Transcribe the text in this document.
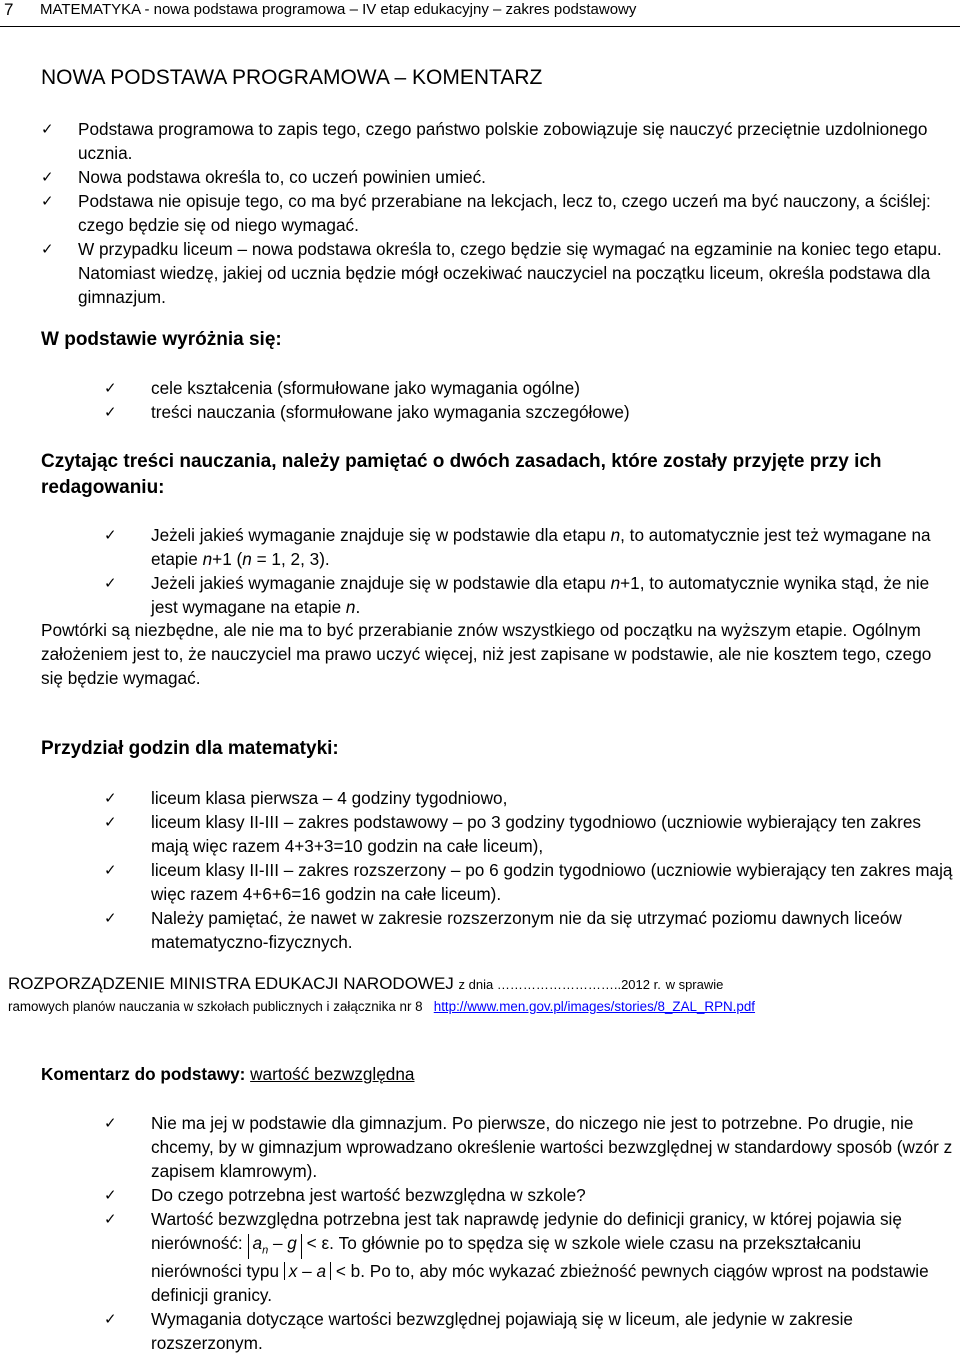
7 MATEMATYKA - nowa podstawa programowa – IV etap edukacyjny – zakres podstawowy
NOWA PODSTAWA PROGRAMOWA – KOMENTARZ
✓ Podstawa programowa to zapis tego, czego państwo polskie zobowiązuje się nauczyć przeciętnie uzdolnionego ucznia.
✓ Nowa podstawa określa to, co uczeń powinien umieć.
✓ Podstawa nie opisuje tego, co ma być przerabiane na lekcjach, lecz to, czego uczeń ma być nauczony, a ściślej: czego będzie się od niego wymagać.
✓ W przypadku liceum – nowa podstawa określa to, czego będzie się wymagać na egzaminie na koniec tego etapu. Natomiast wiedzę, jakiej od ucznia będzie mógł oczekiwać nauczyciel na początku liceum, określa podstawa dla gimnazjum.
W podstawie wyróżnia się:
✓ cele kształcenia (sformułowane jako wymagania ogólne)
✓ treści nauczania (sformułowane jako wymagania szczegółowe)
Czytając treści nauczania, należy pamiętać o dwóch zasadach, które zostały przyjęte przy ich redagowaniu:
✓ Jeżeli jakieś wymaganie znajduje się w podstawie dla etapu n, to automatycznie jest też wymagane na etapie n+1 (n = 1, 2, 3).
✓ Jeżeli jakieś wymaganie znajduje się w podstawie dla etapu n+1, to automatycznie wynika stąd, że nie jest wymagane na etapie n.

Powtórki są niezbędne, ale nie ma to być przerabianie znów wszystkiego od początku na wyższym etapie. Ogólnym założeniem jest to, że nauczyciel ma prawo uczyć więcej, niż jest zapisane w podstawie, ale nie kosztem tego, czego się będzie wymagać.

Przydział godzin dla matematyki:
✓ liceum klasa pierwsza – 4 godziny tygodniowo,
✓ liceum klasy II-III – zakres podstawowy – po 3 godziny tygodniowo (uczniowie wybierający ten zakres mają więc razem 4+3+3=10 godzin na całe liceum),
✓ liceum klasy II-III – zakres rozszerzony – po 6 godzin tygodniowo (uczniowie wybierający ten zakres mają więc razem 4+6+6=16 godzin na całe liceum).
✓ Należy pamiętać, że nawet w zakresie rozszerzonym nie da się utrzymać poziomu dawnych liceów matematyczno-fizycznych.
ROZPORZĄDZENIE MINISTRA EDUKACJI NARODOWEJ z dnia ………………………..2012 r. w sprawie
ramowych planów nauczania w szkołach publicznych i załącznika nr 8 http://www.men.gov.pl/images/stories/8_ZAL_RPN.pdf
Komentarz do podstawy: wartość bezwzględna
✓ Nie ma jej w podstawie dla gimnazjum. Po pierwsze, do niczego nie jest to potrzebne. Po drugie, nie chcemy, by w gimnazjum wprowadzano określenie wartości bezwzględnej w standardowy sposób (wzór z zapisem klamrowym).
✓ Do czego potrzebna jest wartość bezwzględna w szkole?
✓ Wartość bezwzględna potrzebna jest tak naprawdę jedynie do definicji granicy, w której pojawia się nierówność: $a_n - g < \varepsilon$. To głównie po to spędza się w szkole wiele czasu na przekształcaniu nierówności typu x – a < b. Po to, aby móc wykazać zbieżność pewnych ciągów wprost na podstawie definicji granicy.
✓ Wymagania dotyczące wartości bezwzględnej pojawiają się w liceum, ale jedynie w zakresie rozszerzonym.
